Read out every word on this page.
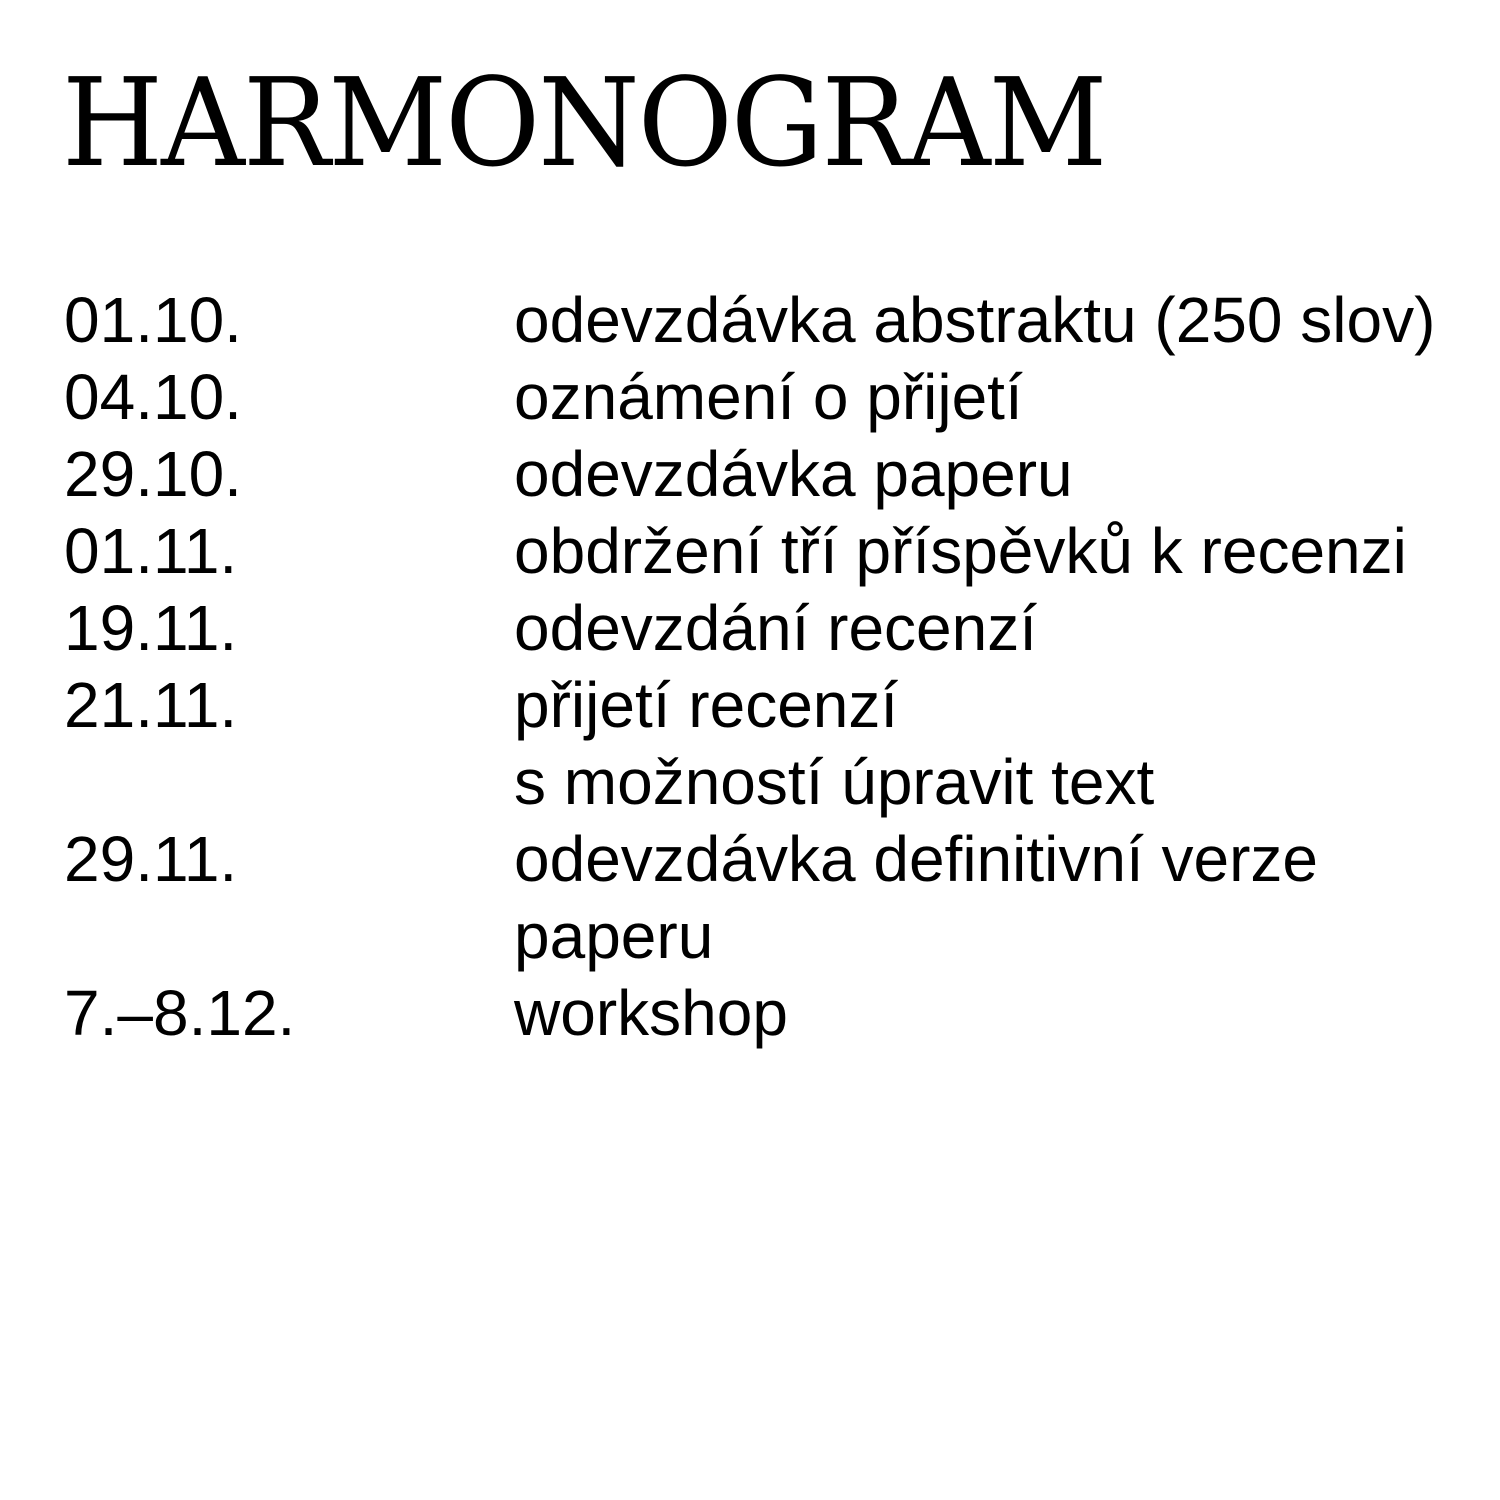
HARMONOGRAM
01.10.	odevzdávka abstraktu (250 slov)
04.10.	oznámení o přijetí
29.10.	odevzdávka paperu
01.11.	obdržení tří příspěvků k recenzi
19.11.	odevzdání recenzí
21.11.	přijetí recenzí
s možností úpravit text
29.11.	odevzdávka definitivní verze
paperu
7.–8.12.	workshop
